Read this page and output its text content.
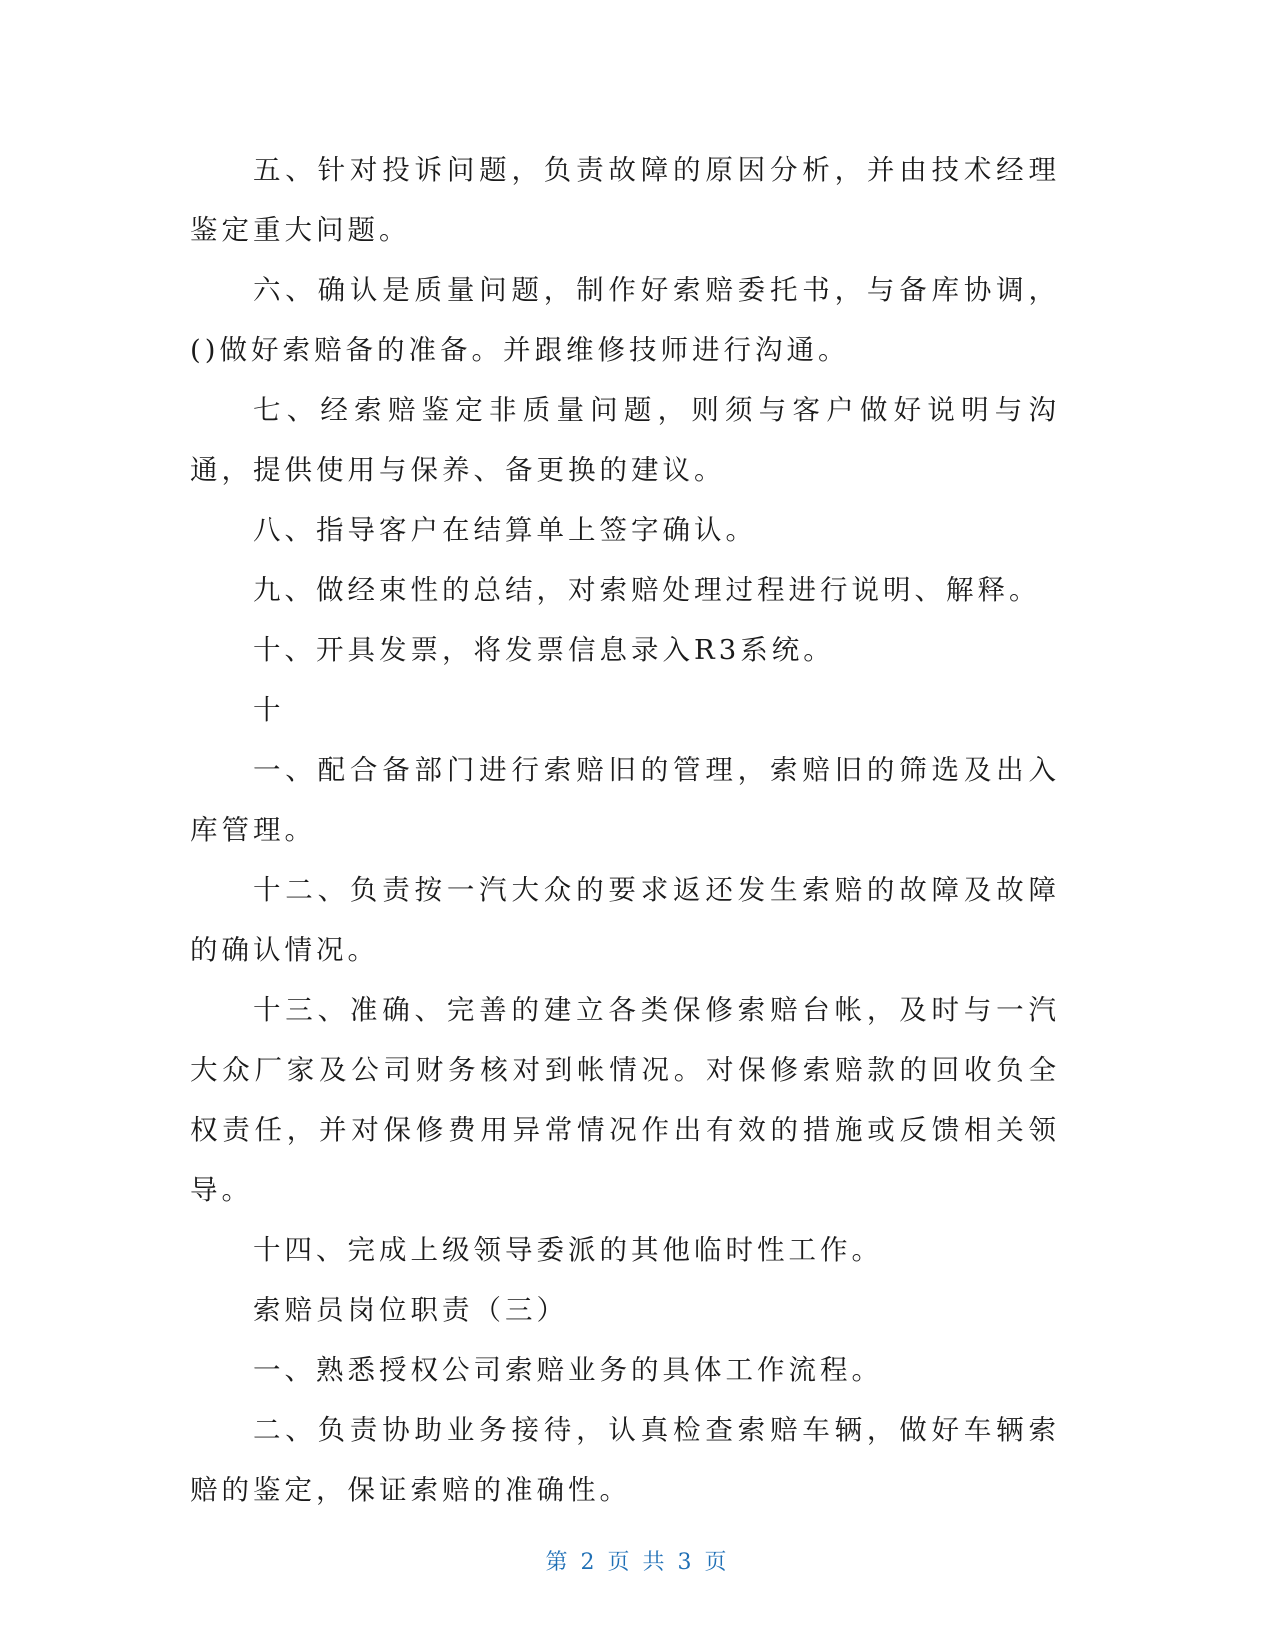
五、针对投诉问题，负责故障的原因分析，并由技术经理鉴定重大问题。

六、确认是质量问题，制作好索赔委托书，与备库协调，()做好索赔备的准备。并跟维修技师进行沟通。

七、经索赔鉴定非质量问题，则须与客户做好说明与沟通，提供使用与保养、备更换的建议。

八、指导客户在结算单上签字确认。

九、做经束性的总结，对索赔处理过程进行说明、解释。

十、开具发票，将发票信息录入R3系统。

十

一、配合备部门进行索赔旧的管理，索赔旧的筛选及出入库管理。

十二、负责按一汽大众的要求返还发生索赔的故障及故障的确认情况。

十三、准确、完善的建立各类保修索赔台帐，及时与一汽大众厂家及公司财务核对到帐情况。对保修索赔款的回收负全权责任，并对保修费用异常情况作出有效的措施或反馈相关领导。

十四、完成上级领导委派的其他临时性工作。

索赔员岗位职责（三）

一、熟悉授权公司索赔业务的具体工作流程。

二、负责协助业务接待，认真检查索赔车辆，做好车辆索赔的鉴定，保证索赔的准确性。

第 2 页 共 3 页
